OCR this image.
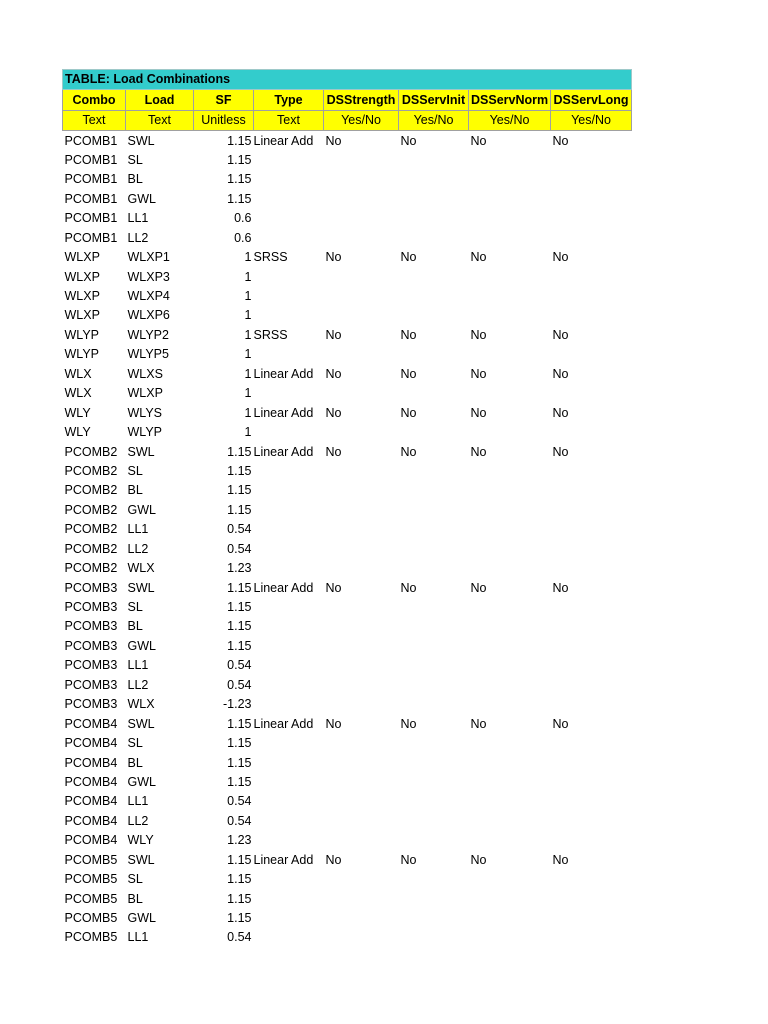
TABLE: Load Combinations							
Combo	Load	SF	Type	DSStrength	DSServInit	DSServNorm	DSServLong
Text	Text	Unitless	Text	Yes/No	Yes/No	Yes/No	Yes/No
PCOMB1	SWL	1.15	Linear Add	No	No	No	No
PCOMB1	SL	1.15					
PCOMB1	BL	1.15					
PCOMB1	GWL	1.15					
PCOMB1	LL1	0.6					
PCOMB1	LL2	0.6					
WLXP	WLXP1	1	SRSS	No	No	No	No
WLXP	WLXP3	1					
WLXP	WLXP4	1					
WLXP	WLXP6	1					
WLYP	WLYP2	1	SRSS	No	No	No	No
WLYP	WLYP5	1					
WLX	WLXS	1	Linear Add	No	No	No	No
WLX	WLXP	1					
WLY	WLYS	1	Linear Add	No	No	No	No
WLY	WLYP	1					
PCOMB2	SWL	1.15	Linear Add	No	No	No	No
PCOMB2	SL	1.15					
PCOMB2	BL	1.15					
PCOMB2	GWL	1.15					
PCOMB2	LL1	0.54					
PCOMB2	LL2	0.54					
PCOMB2	WLX	1.23					
PCOMB3	SWL	1.15	Linear Add	No	No	No	No
PCOMB3	SL	1.15					
PCOMB3	BL	1.15					
PCOMB3	GWL	1.15					
PCOMB3	LL1	0.54					
PCOMB3	LL2	0.54					
PCOMB3	WLX	-1.23					
PCOMB4	SWL	1.15	Linear Add	No	No	No	No
PCOMB4	SL	1.15					
PCOMB4	BL	1.15					
PCOMB4	GWL	1.15					
PCOMB4	LL1	0.54					
PCOMB4	LL2	0.54					
PCOMB4	WLY	1.23					
PCOMB5	SWL	1.15	Linear Add	No	No	No	No
PCOMB5	SL	1.15					
PCOMB5	BL	1.15					
PCOMB5	GWL	1.15					
PCOMB5	LL1	0.54					
